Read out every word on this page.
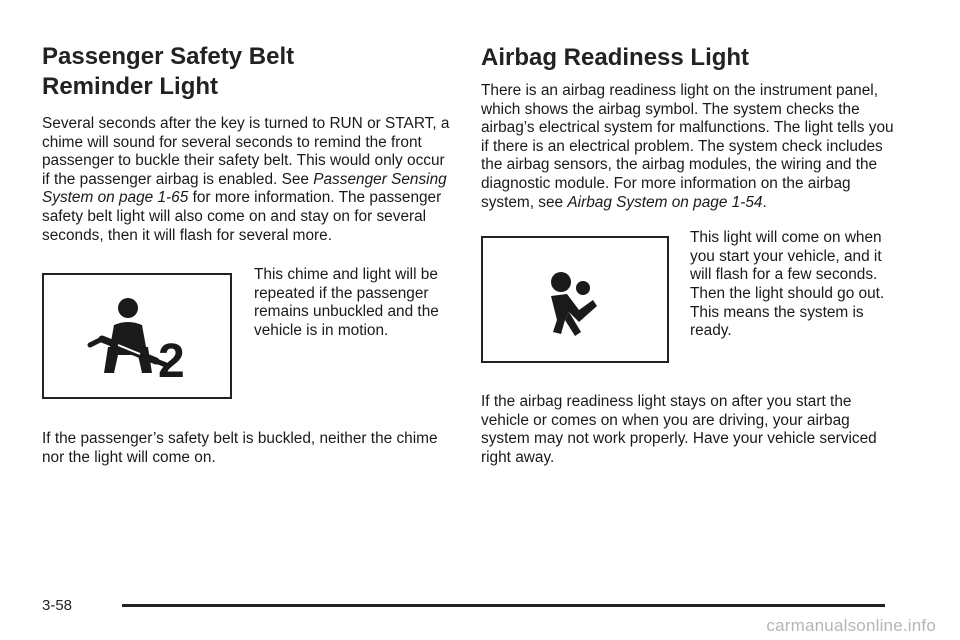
Passenger Safety Belt
Reminder Light

Several seconds after the key is turned to RUN or START, a chime will sound for several seconds to remind the front passenger to buckle their safety belt. This would only occur if the passenger airbag is enabled. See Passenger Sensing System on page 1-65 for more information. The passenger safety belt light will also come on and stay on for several seconds, then it will flash for several more.

2

This chime and light will be repeated if the passenger remains unbuckled and the vehicle is in motion.

If the passenger’s safety belt is buckled, neither the chime nor the light will come on.

Airbag Readiness Light

There is an airbag readiness light on the instrument panel, which shows the airbag symbol. The system checks the airbag’s electrical system for malfunctions. The light tells you if there is an electrical problem. The system check includes the airbag sensors, the airbag modules, the wiring and the diagnostic module. For more information on the airbag system, see Airbag System on page 1-54.

This light will come on when you start your vehicle, and it will flash for a few seconds. Then the light should go out. This means the system is ready.

If the airbag readiness light stays on after you start the vehicle or comes on when you are driving, your airbag system may not work properly. Have your vehicle serviced right away.

3-58
carmanualsonline.info
